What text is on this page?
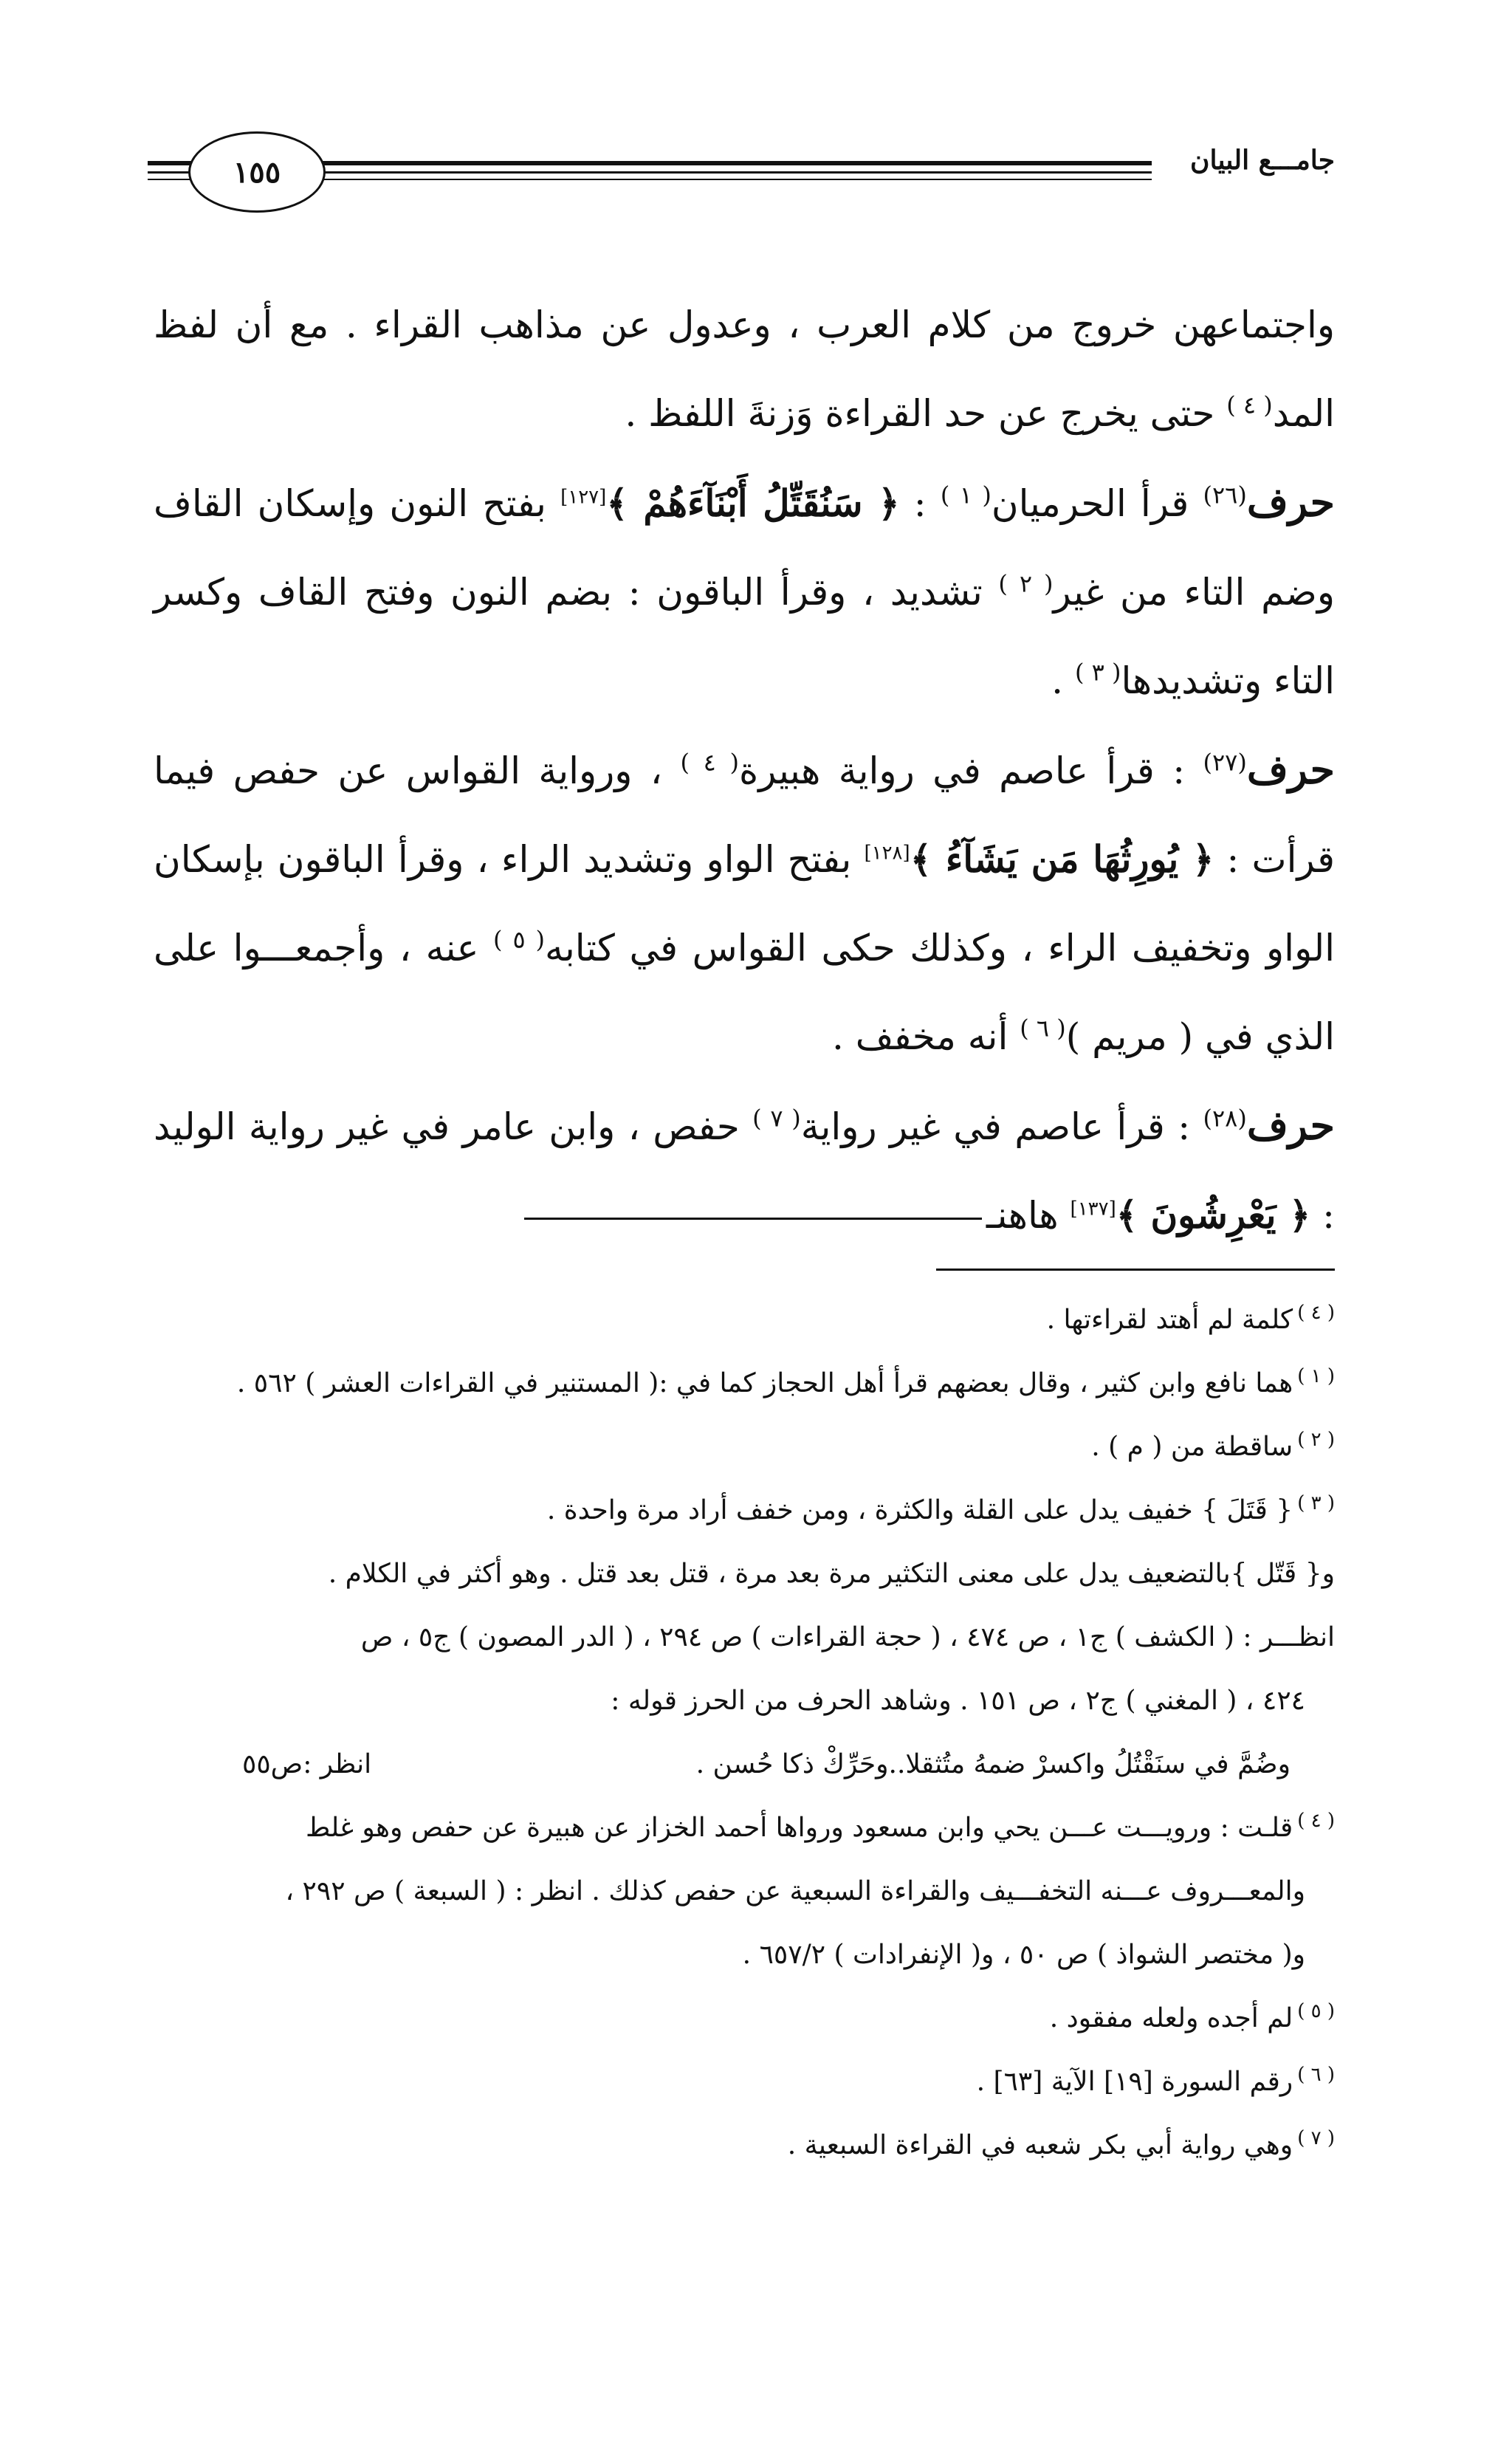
١٥٥	جامـــع البيان

واجتماعهن خروج من كلام العرب ، وعدول عن مذاهب القراء . مع أن لفظ المد$^{( ٤ )}$ حتى يخرج عن حد القراءة وَزنةَ اللفظ .

حرف$^{(٢٦)}$ قرأ الحرميان$^{( ١ )}$ : ﴿ سَنُقَتِّلُ أَبْنَآءَهُمْ ﴾[١٢٧] بفتح النون وإسكان القاف وضم التاء من غير$^{( ٢ )}$ تشديد ، وقرأ الباقون : بضم النون وفتح القاف وكسر التاء وتشديدها$^{( ٣ )}$ .

حرف$^{(٢٧)}$ : قرأ عاصم في رواية هبيرة$^{( ٤ )}$ ، ورواية القواس عن حفص فيما قرأت : ﴿ يُورِثُهَا مَن يَشَآءُ ﴾[١٢٨] بفتح الواو وتشديد الراء ، وقرأ الباقون بإسكان الواو وتخفيف الراء ، وكذلك حكى القواس في كتابه$^{( ٥ )}$ عنه ، وأجمعـــوا على الذي في ( مريم )$^{( ٦ )}$ أنه مخفف .

حرف$^{(٢٨)}$ : قرأ عاصم في غير رواية$^{( ٧ )}$ حفص ، وابن عامر في غير رواية الوليد : ﴿ يَعْرِشُونَ ﴾[١٣٧] هاهنـ

$^{( ٤ )}$كلمة لم أهتد لقراءتها .

$^{( ١ )}$هما نافع وابن كثير ، وقال بعضهم قرأ أهل الحجاز كما في :( المستنير في القراءات العشر ) ٥٦٢ .

$^{( ٢ )}$ساقطة من ( م ) .

$^{( ٣ )}${ قَتَلَ } خفيف يدل على القلة والكثرة ، ومن خفف أراد مرة واحدة .

و{ قَتّل }بالتضعيف يدل على معنى التكثير مرة بعد مرة ، قتل بعد قتل . وهو أكثر في الكلام .

انظـــر : ( الكشف ) ج١ ، ص ٤٧٤ ، ( حجة القراءات ) ص ٢٩٤ ، ( الدر المصون ) ج٥ ، ص

٤٢٤ ، ( المغني ) ج٢ ، ص ١٥١ . وشاهد الحرف من الحرز قوله :

وضُمَّ في سنَقْتُلُ واكسرْ ضمهُ متُثقلا..وحَرِّكْ ذكا حُسن .
انظر :ص٥٥

$^{( ٤ )}$قلـت : ورويـــت عـــن يحي وابن مسعود ورواها أحمد الخزاز عن هبيرة عن حفص وهو غلط

والمعـــروف عـــنه التخفـــيف والقراءة السبعية عن حفص كذلك . انظر : ( السبعة ) ص ٢٩٢ ،

و( مختصر الشواذ ) ص ٥٠ ، و( الإنفرادات ) ٦٥٧/٢ .

$^{( ٥ )}$لم أجده ولعله مفقود .

$^{( ٦ )}$رقم السورة [١٩] الآية [٦٣] .

$^{( ٧ )}$وهي رواية أبي بكر شعبه في القراءة السبعية .
